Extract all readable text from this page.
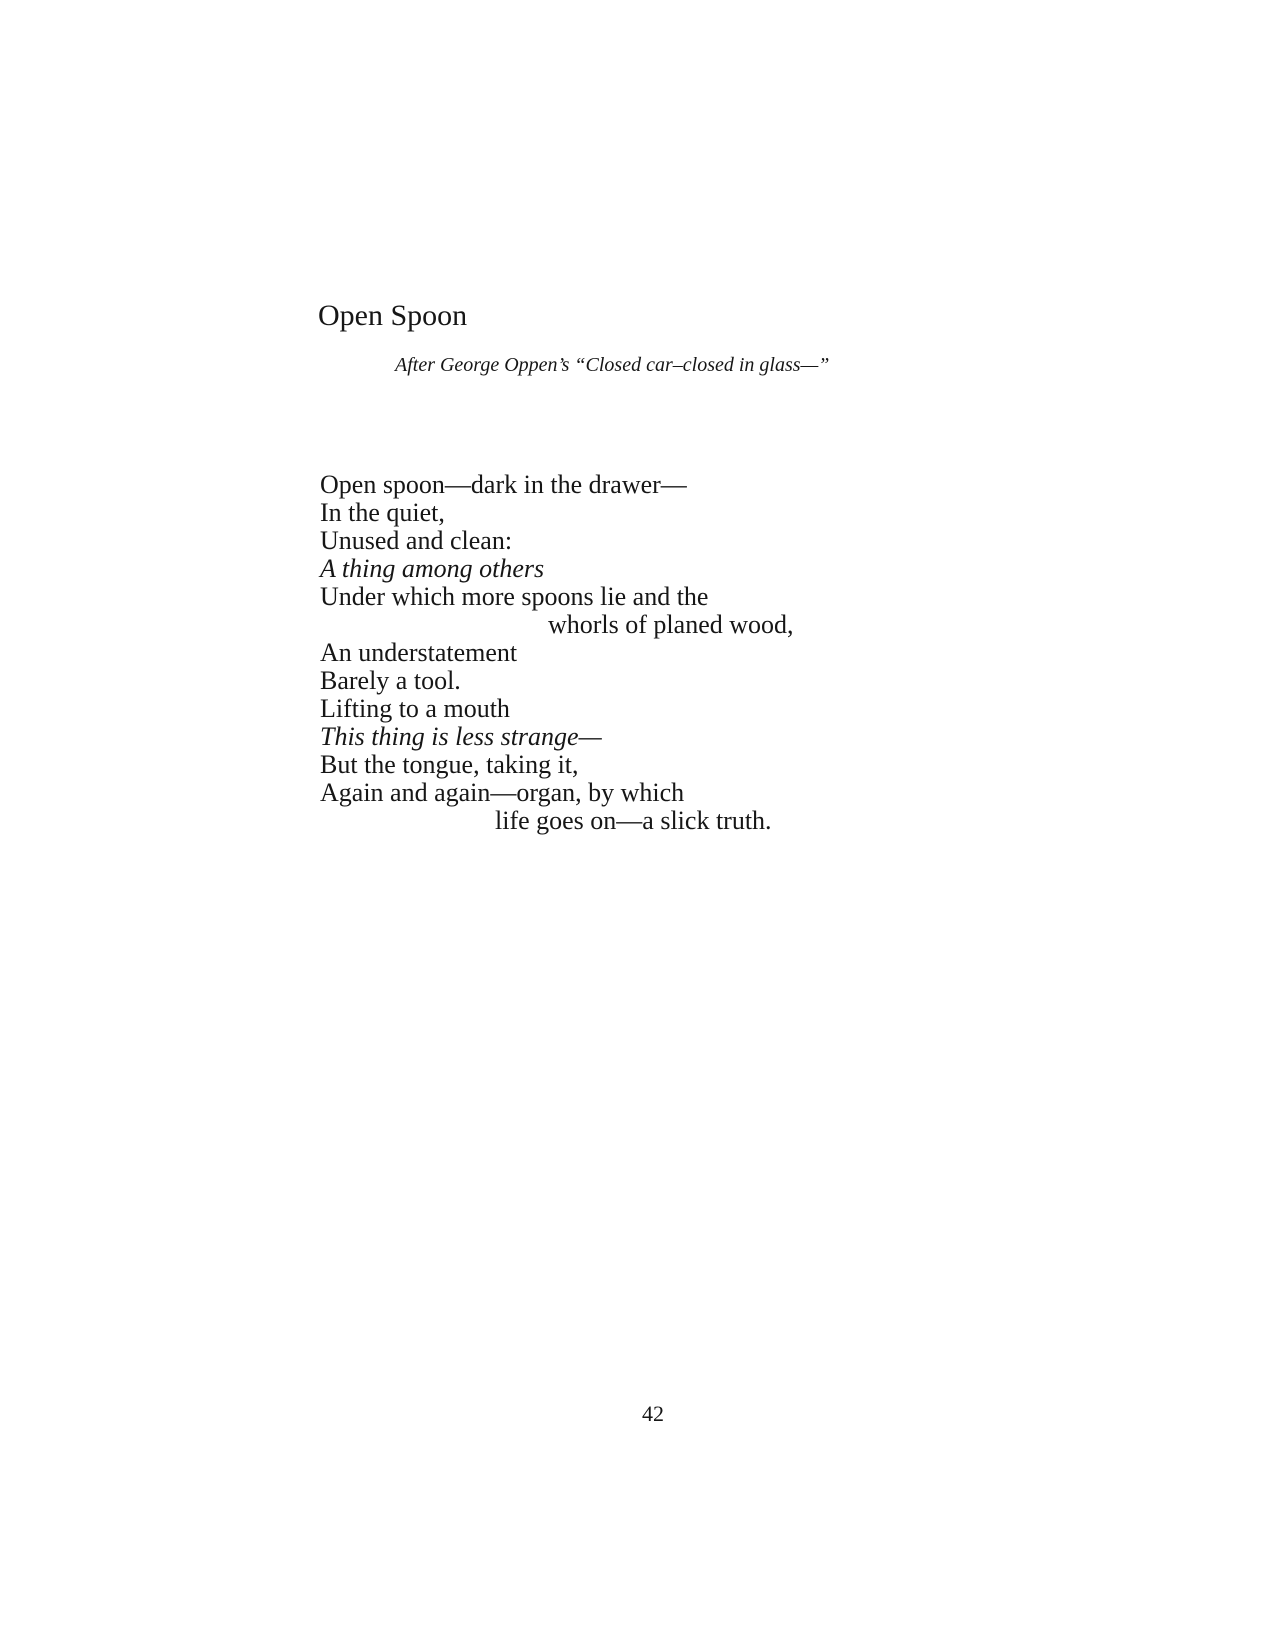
Open Spoon
After George Oppen’s “Closed car–closed in glass—”
Open spoon—dark in the drawer—
In the quiet,
Unused and clean:
A thing among others
Under which more spoons lie and the
whorls of planed wood,
An understatement
Barely a tool.
Lifting to a mouth
This thing is less strange—
But the tongue, taking it,
Again and again—organ, by which
life goes on—a slick truth.
42
